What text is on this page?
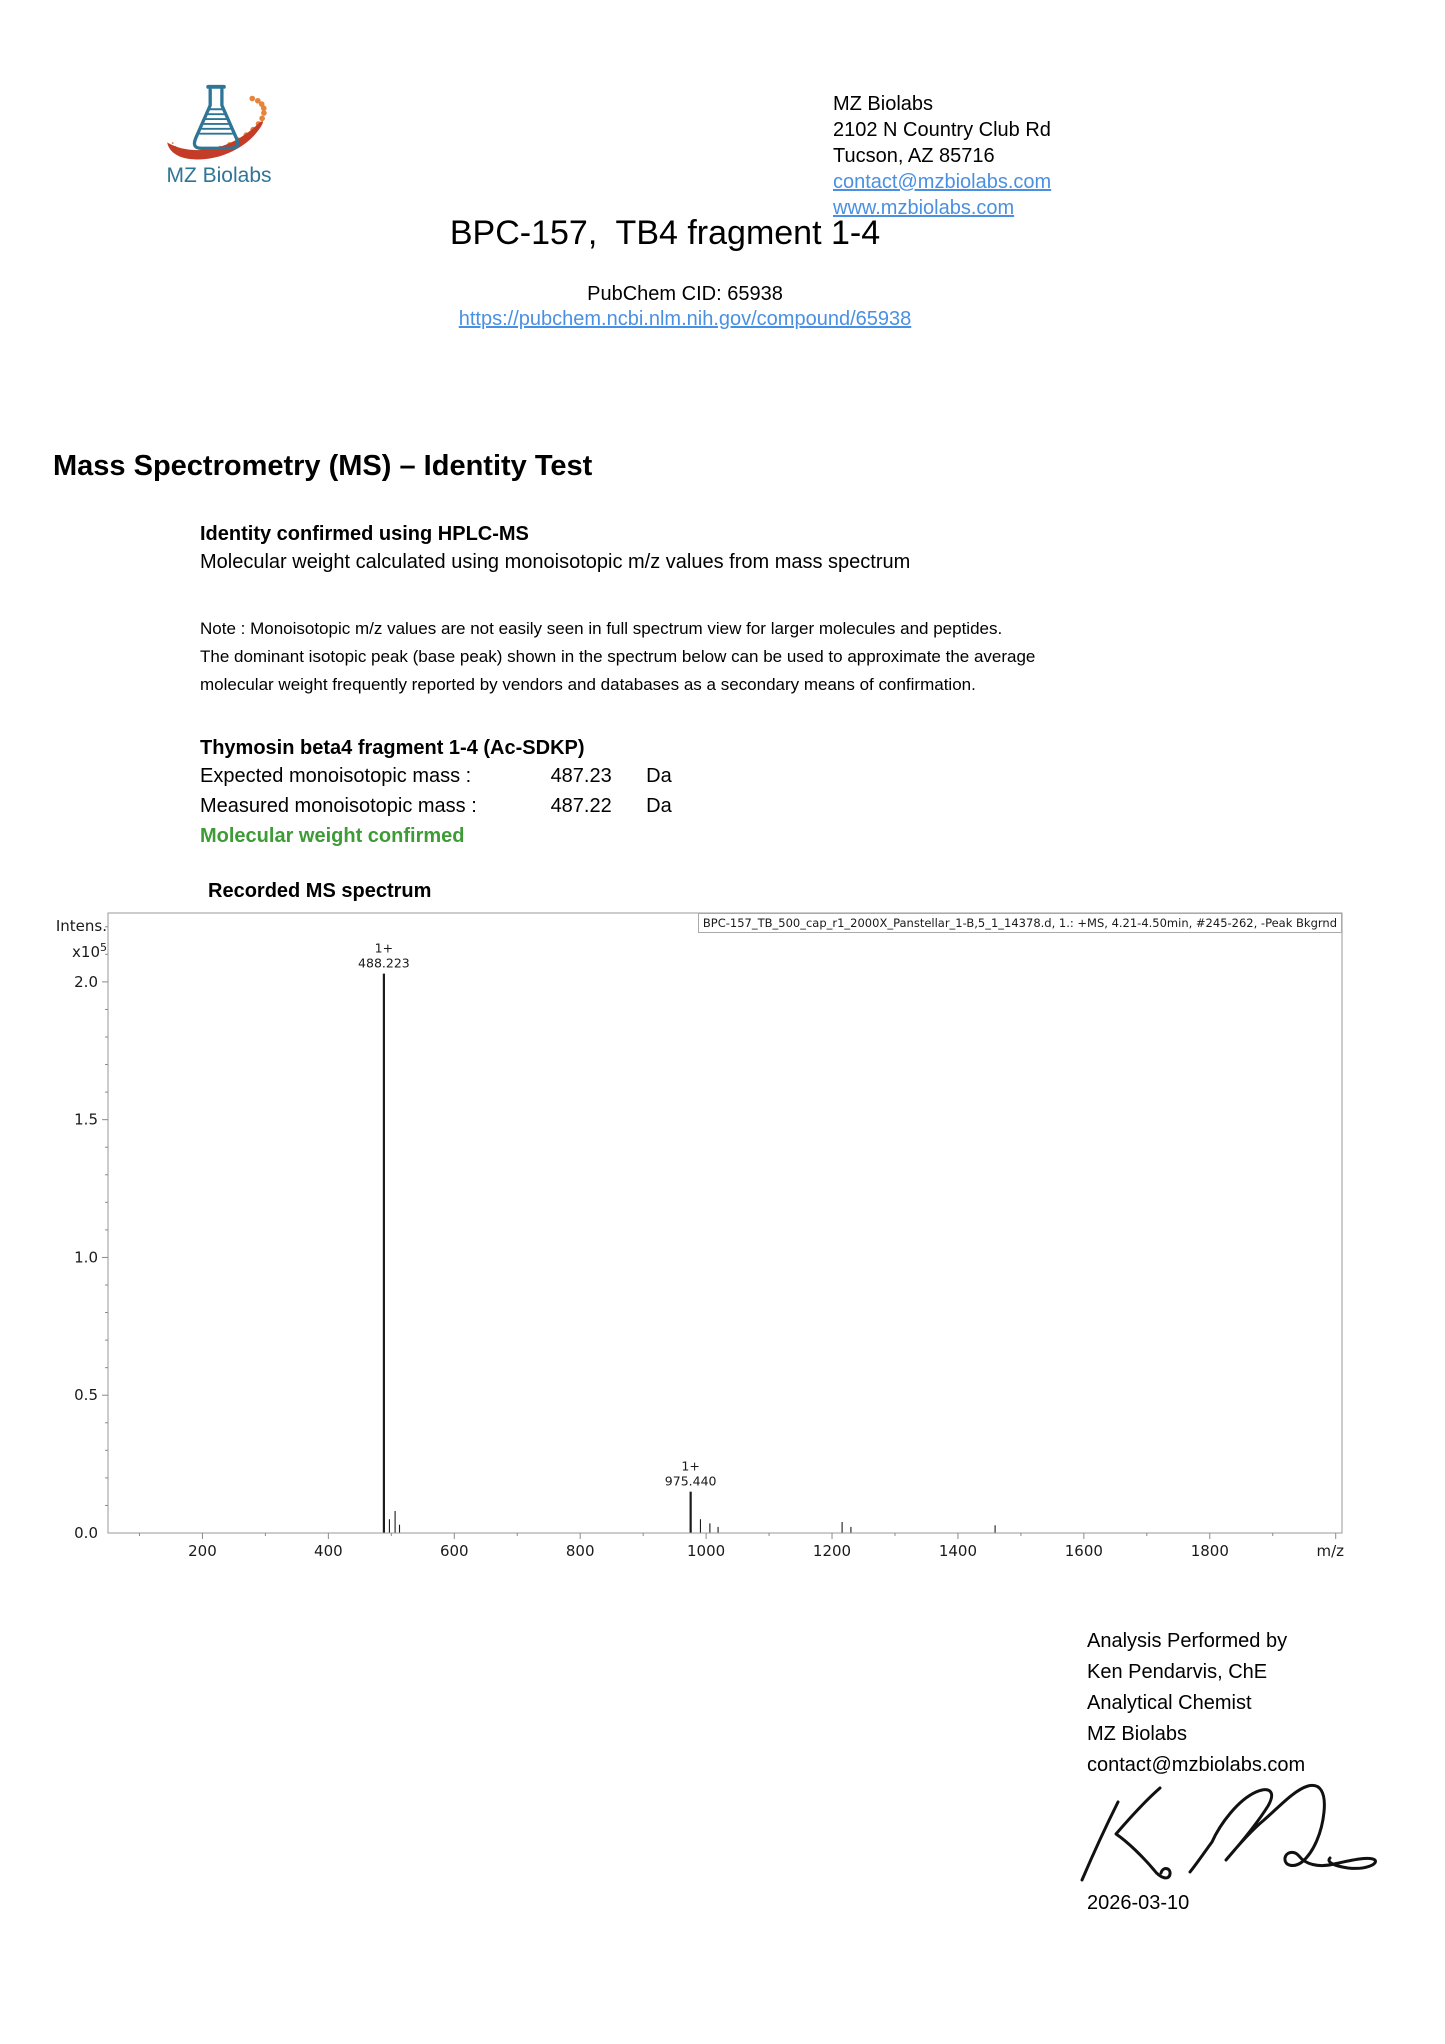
MZ Biolabs
MZ Biolabs
2102 N Country Club Rd
Tucson, AZ 85716
contact@mzbiolabs.com
www.mzbiolabs.com
BPC-157,  TB4 fragment 1-4
PubChem CID: 65938
https://pubchem.ncbi.nlm.nih.gov/compound/65938
Mass Spectrometry (MS) – Identity Test
Identity confirmed using HPLC-MS
Molecular weight calculated using monoisotopic m/z values from mass spectrum
Note : Monoisotopic m/z values are not easily seen in full spectrum view for larger molecules and peptides.
The dominant isotopic peak (base peak) shown in the spectrum below can be used to approximate the average
molecular weight frequently reported by vendors and databases as a secondary means of confirmation.
Thymosin beta4 fragment 1-4 (Ac-SDKP)
Expected monoisotopic mass :	487.23 Da
Measured monoisotopic mass :	487.22 Da
Molecular weight confirmed
Recorded MS spectrum
0.0
0.5
1.0
1.5
2.0
200	400	600	800	1000	1200	1400	1600	1800	m/z
488.223
1+
975.440
1+
Intens.
$x10^5$
BPC-157_TB_500_cap_r1_2000X_Panstellar_1-B,5_1_14378.d, 1.: +MS, 4.21-4.50min, #245-262, -Peak Bkgrnd
Analysis Performed by
Ken Pendarvis, ChE
Analytical Chemist
MZ Biolabs
contact@mzbiolabs.com
2026-03-10
